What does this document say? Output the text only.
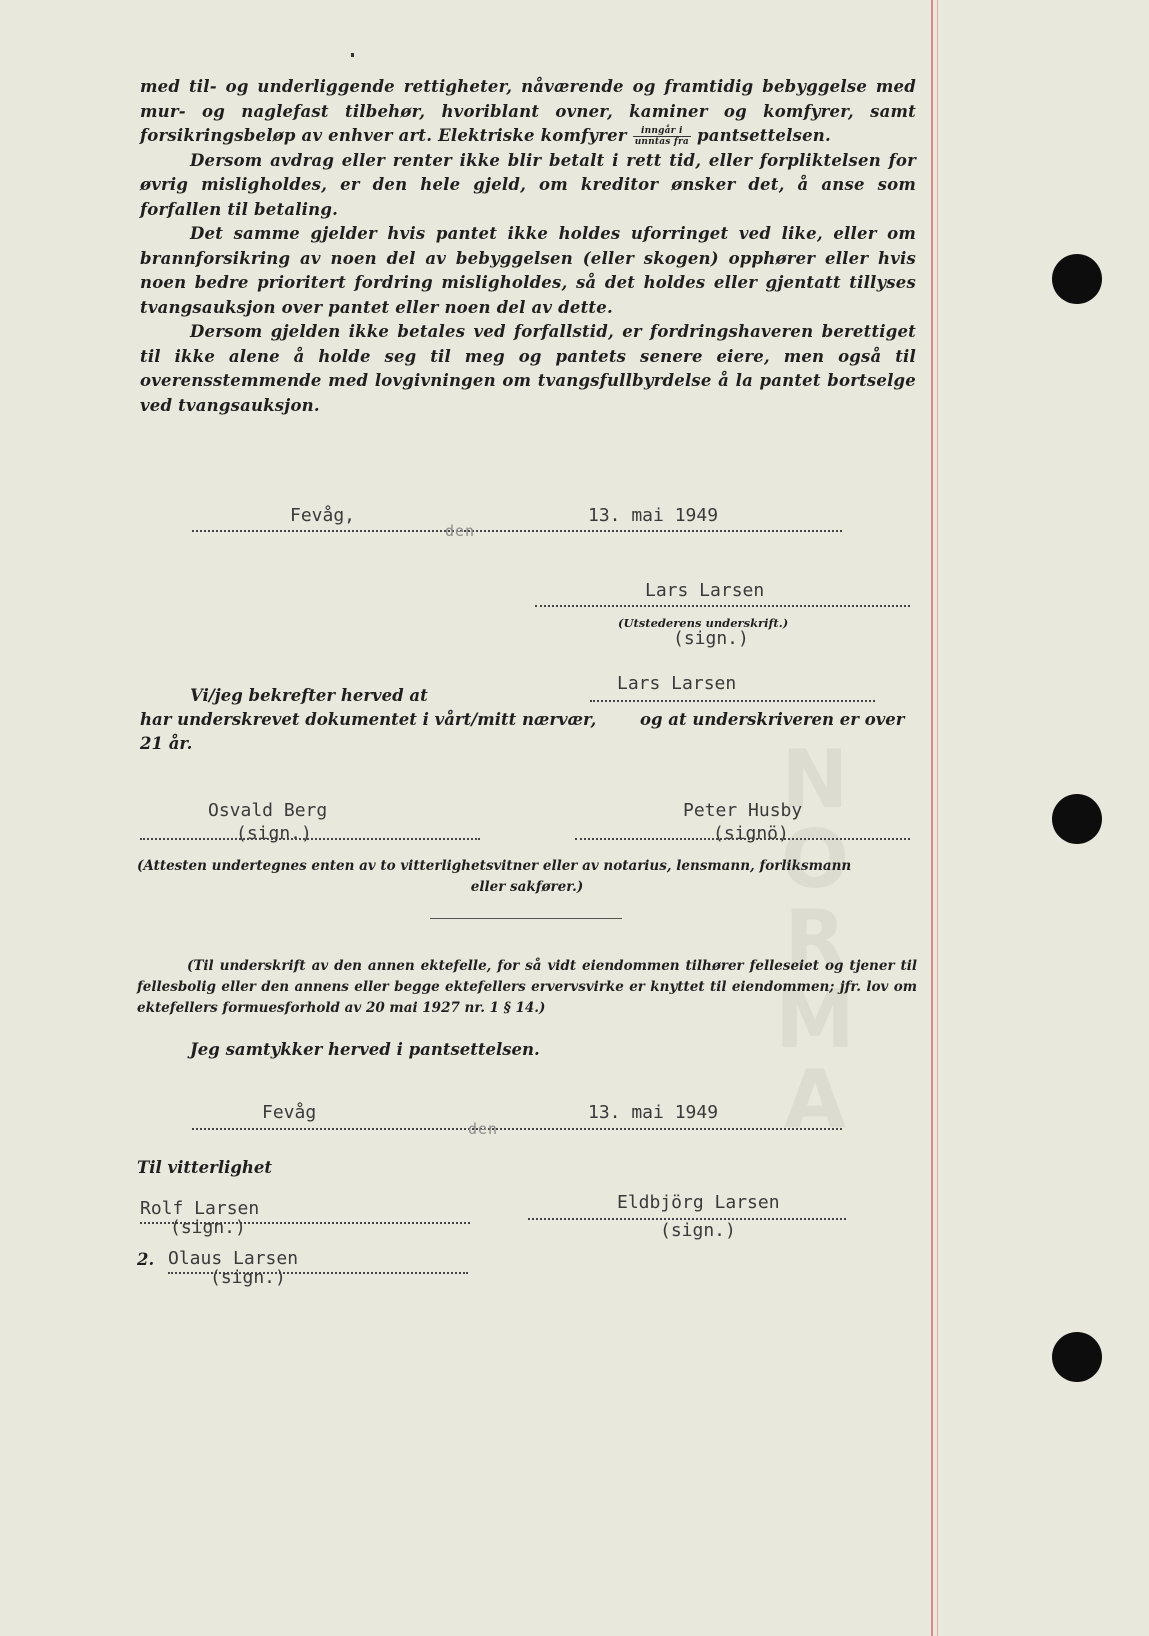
N
O
R
M
A

med til- og underliggende rettigheter, nåværende og framtidig bebyggelse med mur- og naglefast tilbehør, hvoriblant ovner, kaminer og komfyrer, samt forsikringsbeløp av enhver art. Elektriske komfyrer $\frac{\text{inngår i}}{\text{unntas fra}}$ pantsettelsen.

Dersom avdrag eller renter ikke blir betalt i rett tid, eller forpliktelsen for øvrig misligholdes, er den hele gjeld, om kreditor ønsker det, å anse som forfallen til betaling.

Det samme gjelder hvis pantet ikke holdes uforringet ved like, eller om brannforsikring av noen del av bebyggelsen (eller skogen) opphører eller hvis noen bedre prioritert fordring misligholdes, så det holdes eller gjentatt tillyses tvangsauksjon over pantet eller noen del av dette.

Dersom gjelden ikke betales ved forfallstid, er fordringshaveren berettiget til ikke alene å holde seg til meg og pantets senere eiere, men også til overensstemmende med lovgivningen om tvangsfullbyrdelse å la pantet bortselge ved tvangsauksjon.

Fevåg,
den
13. mai 1949
Lars Larsen
(Utstederens underskrift.)
(sign.)
Vi/jeg bekrefter herved at
Lars Larsen
har underskrevet dokumentet i vårt/mitt nærvær,	og at underskriveren er over
21 år.
Osvald Berg
(sign.)
Peter Husby
(signö)

(Attesten undertegnes enten av to vitterlighetsvitner eller av notarius, lensmann, forliksmann

eller sakfører.)

(Til underskrift av den annen ektefelle, for så vidt eiendommen tilhører felleseiet og tjener til fellesbolig eller den annens eller begge ektefellers ervervsvirke er knyttet til eiendommen; jfr. lov om ektefellers formuesforhold av 20 mai 1927 nr. 1 § 14.)

Jeg samtykker herved i pantsettelsen.
Fevåg
den
13. mai 1949
Til vitterlighet
Rolf Larsen
(sign.)
Eldbjörg Larsen
(sign.)
2. Olaus Larsen
(sign.)
